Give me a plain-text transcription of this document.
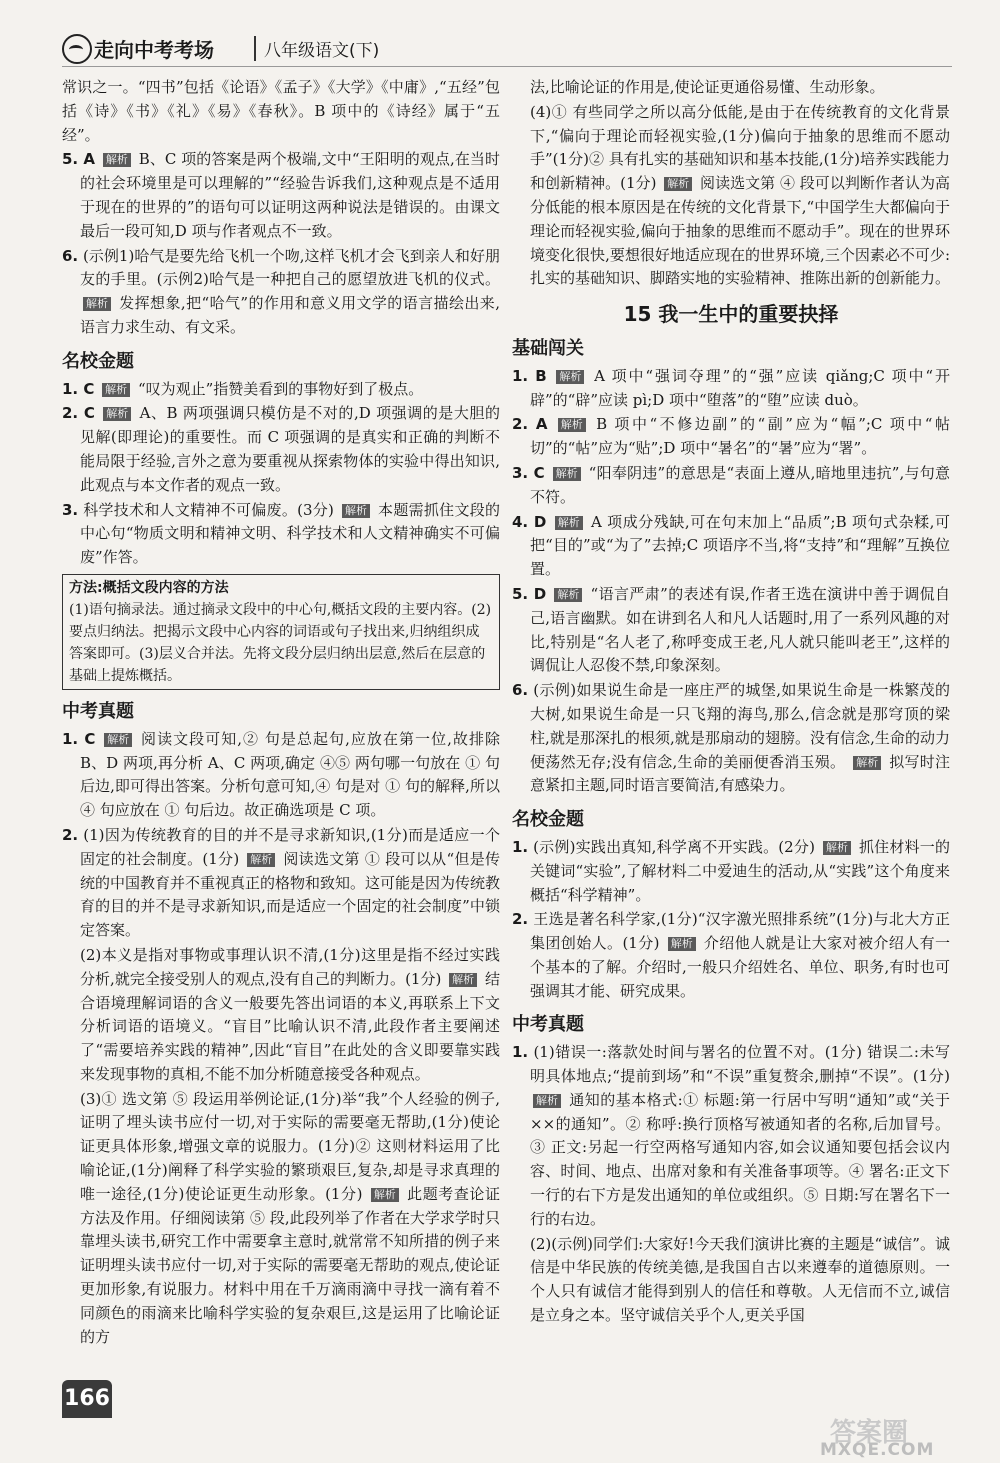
走向中考考场	八年级语文(下)

常识之一。“四书”包括《论语》《孟子》《大学》《中庸》,“五经”包括《诗》《书》《礼》《易》《春秋》。B 项中的《诗经》属于“五经”。

5. A 解析 B、C 项的答案是两个极端,文中“王阳明的观点,在当时的社会环境里是可以理解的”“经验告诉我们,这种观点是不适用于现在的世界的”的语句可以证明这两种说法是错误的。由课文最后一段可知,D 项与作者观点不一致。

6. (示例1)哈气是要先给飞机一个吻,这样飞机才会飞到亲人和好朋友的手里。(示例2)哈气是一种把自己的愿望放进飞机的仪式。 解析 发挥想象,把“哈气”的作用和意义用文学的语言描绘出来,语言力求生动、有文采。

名校金题

1. C 解析 “叹为观止”指赞美看到的事物好到了极点。

2. C 解析 A、B 两项强调只模仿是不对的,D 项强调的是大胆的见解(即理论)的重要性。而 C 项强调的是真实和正确的判断不能局限于经验,言外之意为要重视从探索物体的实验中得出知识,此观点与本文作者的观点一致。

3. 科学技术和人文精神不可偏废。(3分) 解析 本题需抓住文段的中心句“物质文明和精神文明、科学技术和人文精神确实不可偏废”作答。

方法:概括文段内容的方法
(1)语句摘录法。通过摘录文段中的中心句,概括文段的主要内容。(2)要点归纳法。把揭示文段中心内容的词语或句子找出来,归纳组织成答案即可。(3)层义合并法。先将文段分层归纳出层意,然后在层意的基础上提炼概括。
中考真题

1. C 解析 阅读文段可知,② 句是总起句,应放在第一位,故排除 B、D 两项,再分析 A、C 两项,确定 ④⑤ 两句哪一句放在 ① 句后边,即可得出答案。分析句意可知,④ 句是对 ① 句的解释,所以 ④ 句应放在 ① 句后边。故正确选项是 C 项。

2. (1)因为传统教育的目的并不是寻求新知识,(1分)而是适应一个固定的社会制度。(1分) 解析 阅读选文第 ① 段可以从“但是传统的中国教育并不重视真正的格物和致知。这可能是因为传统教育的目的并不是寻求新知识,而是适应一个固定的社会制度”中锁定答案。

(2)本义是指对事物或事理认识不清,(1分)这里是指不经过实践分析,就完全接受别人的观点,没有自己的判断力。(1分) 解析 结合语境理解词语的含义一般要先答出词语的本义,再联系上下文分析词语的语境义。“盲目”比喻认识不清,此段作者主要阐述了“需要培养实践的精神”,因此“盲目”在此处的含义即要靠实践来发现事物的真相,不能不加分析随意接受各种观点。

(3)① 选文第 ⑤ 段运用举例论证,(1分)举“我”个人经验的例子,证明了埋头读书应付一切,对于实际的需要毫无帮助,(1分)使论证更具体形象,增强文章的说服力。(1分)② 这则材料运用了比喻论证,(1分)阐释了科学实验的繁琐艰巨,复杂,却是寻求真理的唯一途径,(1分)使论证更生动形象。(1分) 解析 此题考查论证方法及作用。仔细阅读第 ⑤ 段,此段列举了作者在大学求学时只靠埋头读书,研究工作中需要拿主意时,就常常不知所措的例子来证明埋头读书应付一切,对于实际的需要毫无帮助的观点,使论证更加形象,有说服力。材料中用在千万滴雨滴中寻找一滴有着不同颜色的雨滴来比喻科学实验的复杂艰巨,这是运用了比喻论证的方

法,比喻论证的作用是,使论证更通俗易懂、生动形象。

(4)① 有些同学之所以高分低能,是由于在传统教育的文化背景下,“偏向于理论而轻视实验,(1分)偏向于抽象的思维而不愿动手”(1分)② 具有扎实的基础知识和基本技能,(1分)培养实践能力和创新精神。(1分) 解析 阅读选文第 ④ 段可以判断作者认为高分低能的根本原因是在传统的文化背景下,“中国学生大都偏向于理论而轻视实验,偏向于抽象的思维而不愿动手”。现在的世界环境变化很快,要想很好地适应现在的世界环境,三个因素必不可少:扎实的基础知识、脚踏实地的实验精神、推陈出新的创新能力。

15 我一生中的重要抉择
基础闯关

1. B 解析 A 项中“强词夺理”的“强”应读 qiǎng;C 项中“开辟”的“辟”应读 pì;D 项中“堕落”的“堕”应读 duò。

2. A 解析 B 项中“不修边副”的“副”应为“幅”;C 项中“帖切”的“帖”应为“贴”;D 项中“暑名”的“暑”应为“署”。

3. C 解析 “阳奉阴违”的意思是“表面上遵从,暗地里违抗”,与句意不符。

4. D 解析 A 项成分残缺,可在句末加上“品质”;B 项句式杂糅,可把“目的”或“为了”去掉;C 项语序不当,将“支持”和“理解”互换位置。

5. D 解析 “语言严肃”的表述有误,作者王选在演讲中善于调侃自己,语言幽默。如在讲到名人和凡人话题时,用了一系列风趣的对比,特别是“名人老了,称呼变成王老,凡人就只能叫老王”,这样的调侃让人忍俊不禁,印象深刻。

6. (示例)如果说生命是一座庄严的城堡,如果说生命是一株繁茂的大树,如果说生命是一只飞翔的海鸟,那么,信念就是那穹顶的梁柱,就是那深扎的根须,就是那扇动的翅膀。没有信念,生命的动力便荡然无存;没有信念,生命的美丽便香消玉殒。 解析 拟写时注意紧扣主题,同时语言要简洁,有感染力。

名校金题

1. (示例)实践出真知,科学离不开实践。(2分) 解析 抓住材料一的关键词“实验”,了解材料二中爱迪生的活动,从“实践”这个角度来概括“科学精神”。

2. 王选是著名科学家,(1分)“汉字激光照排系统”(1分)与北大方正集团创始人。(1分) 解析 介绍他人就是让大家对被介绍人有一个基本的了解。介绍时,一般只介绍姓名、单位、职务,有时也可强调其才能、研究成果。

中考真题

1. (1)错误一:落款处时间与署名的位置不对。(1分) 错误二:未写明具体地点;“提前到场”和“不误”重复赘余,删掉“不误”。(1分) 解析 通知的基本格式:① 标题:第一行居中写明“通知”或“关于××的通知”。② 称呼:换行顶格写被通知者的名称,后加冒号。③ 正文:另起一行空两格写通知内容,如会议通知要包括会议内容、时间、地点、出席对象和有关准备事项等。④ 署名:正文下一行的右下方是发出通知的单位或组织。⑤ 日期:写在署名下一行的右边。

(2)(示例)同学们:大家好!今天我们演讲比赛的主题是“诚信”。诚信是中华民族的传统美德,是我国自古以来遵奉的道德原则。一个人只有诚信才能得到别人的信任和尊敬。人无信而不立,诚信是立身之本。坚守诚信关乎个人,更关乎国

166
答案圈
MXQE.COM
